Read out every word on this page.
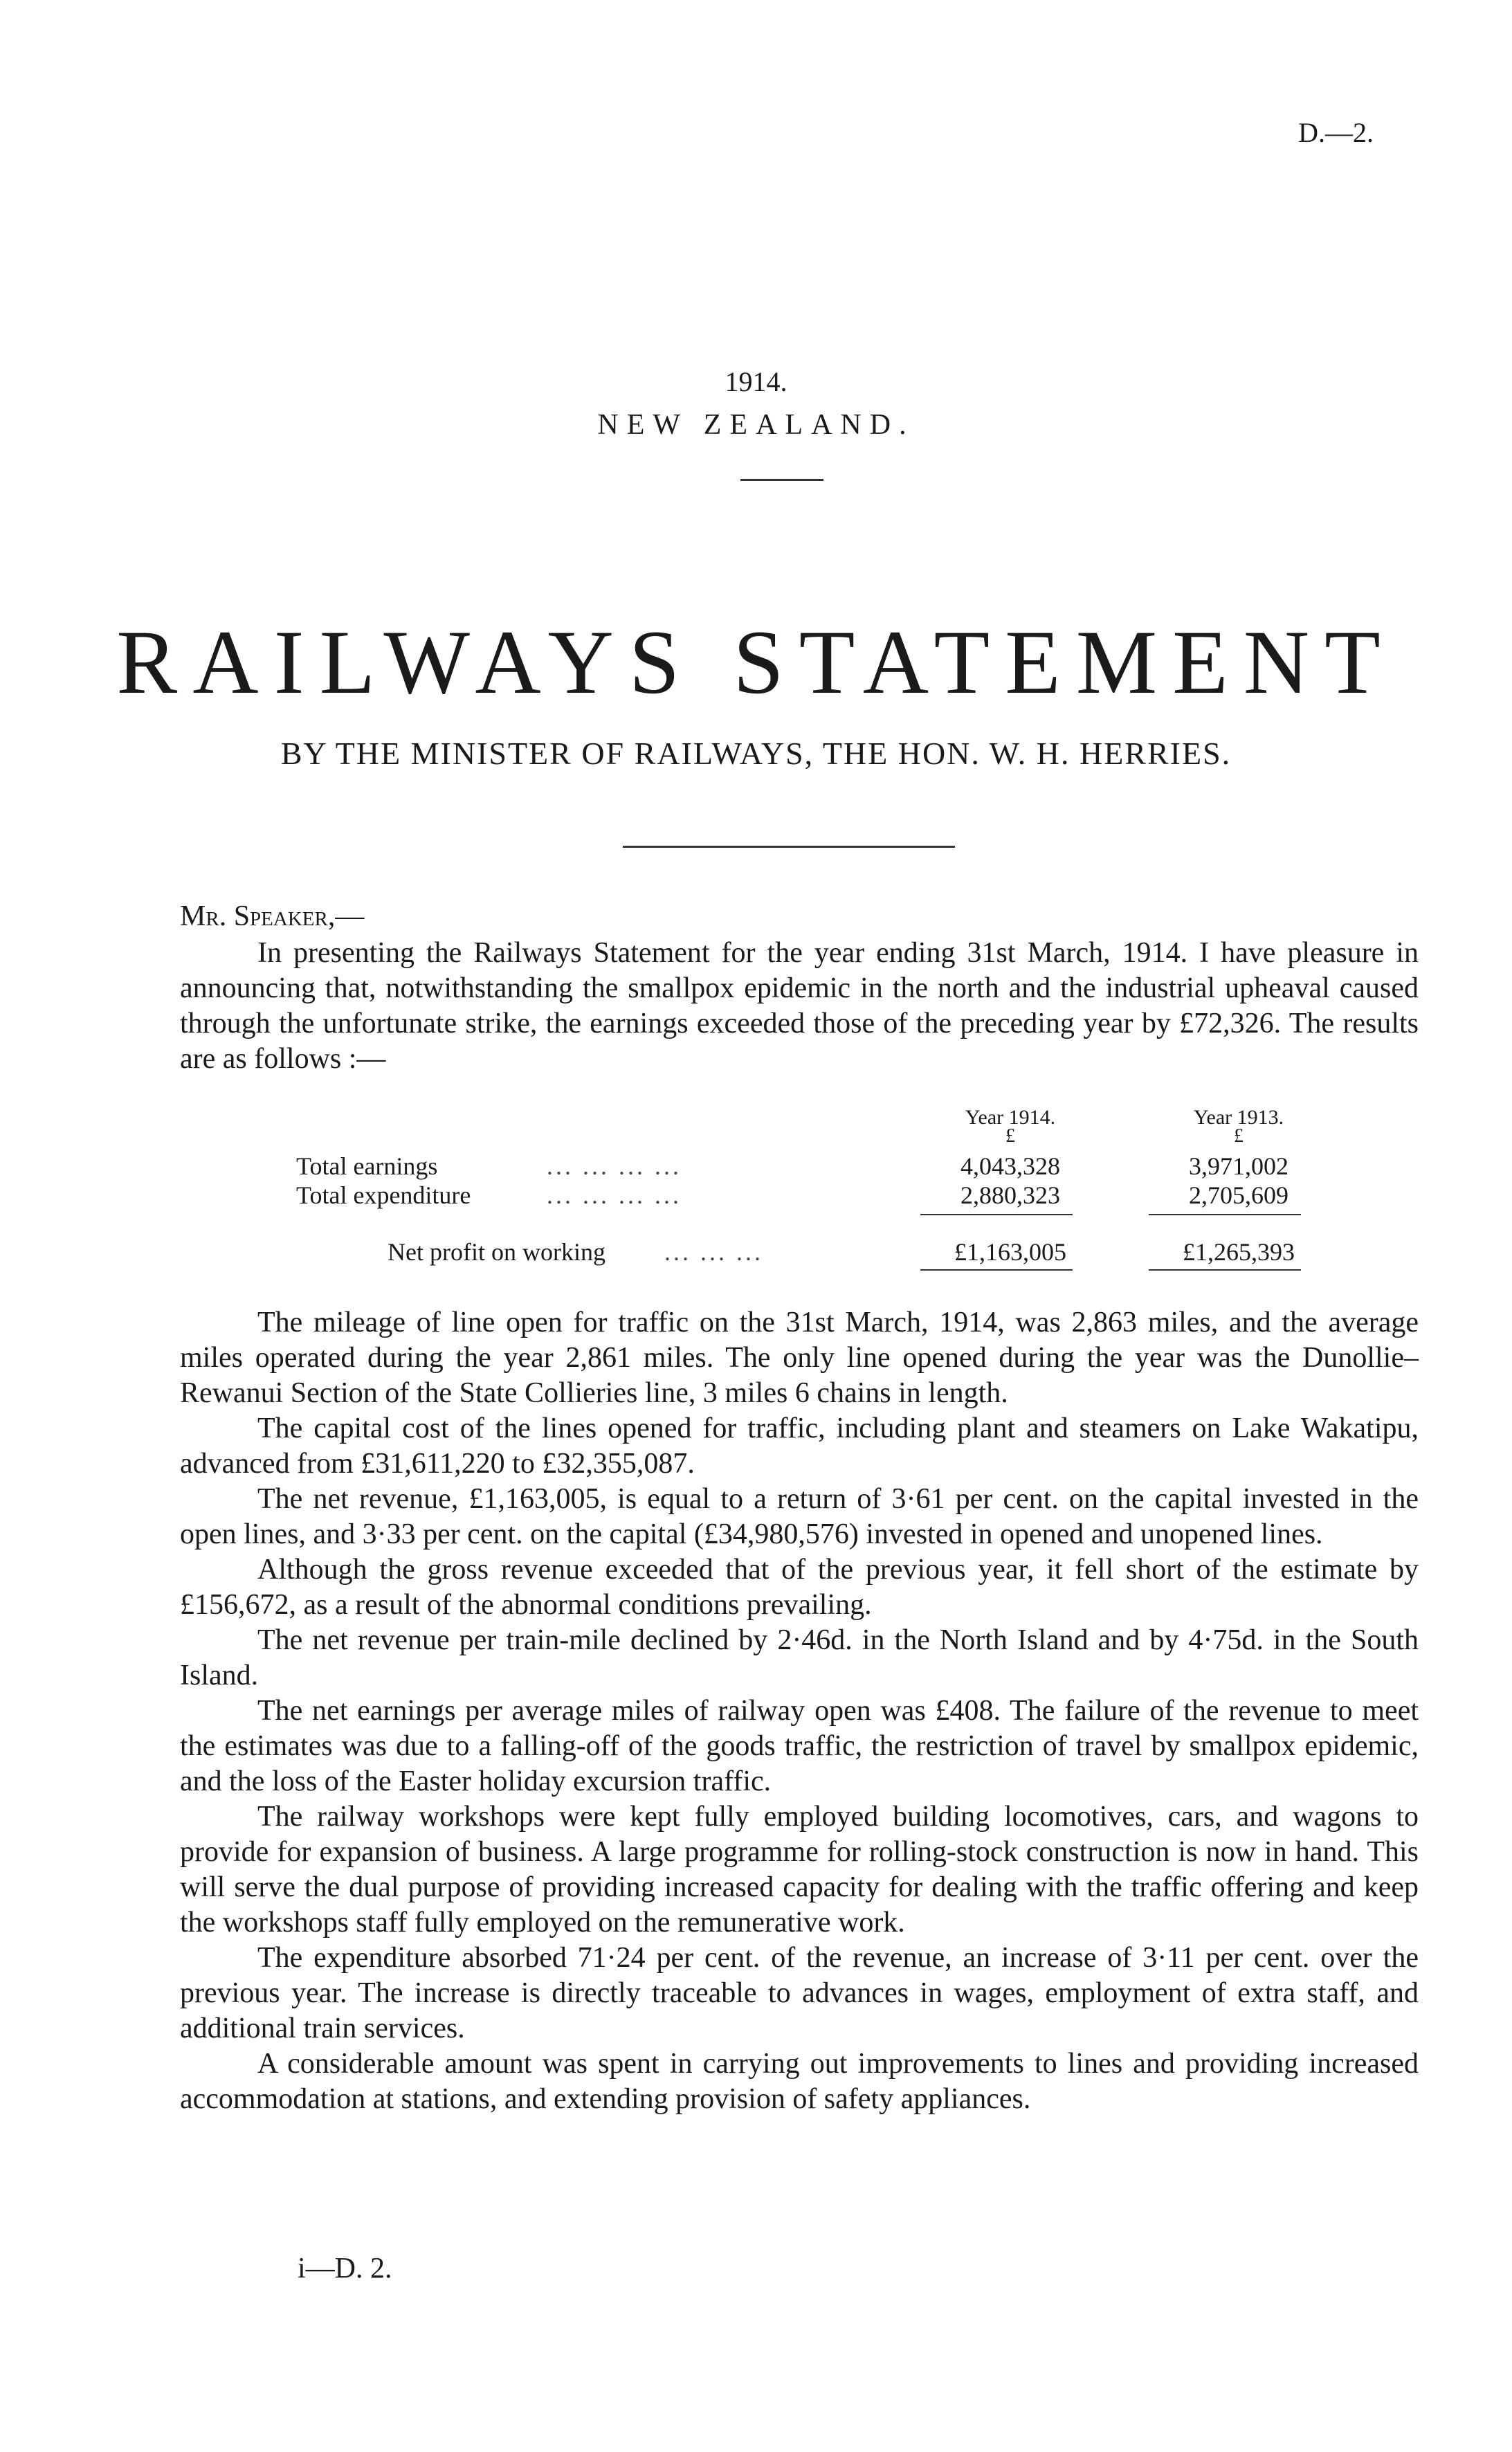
D.—2.
1914.
NEW ZEALAND.
RAILWAYS STATEMENT
BY THE MINISTER OF RAILWAYS, THE HON. W. H. HERRIES.
Mr. Speaker,—
In presenting the Railways Statement for the year ending 31st March, 1914. I have pleasure in announcing that, notwithstanding the smallpox epidemic in the north and the industrial upheaval caused through the unfortunate strike, the earnings exceeded those of the preceding year by £72,326. The results are as follows :—
Year 1914.	Year 1913.
£	£
Total earnings	... ... ... ...	4,043,328	3,971,002
Total expenditure	... ... ... ...	2,880,323	2,705,609
Net profit on working ... ... ...	£1,163,005	£1,265,393

The mileage of line open for traffic on the 31st March, 1914, was 2,863 miles, and the average miles operated during the year 2,861 miles. The only line opened during the year was the Dunollie–Rewanui Section of the State Collieries line, 3 miles 6 chains in length.

The capital cost of the lines opened for traffic, including plant and steamers on Lake Wakatipu, advanced from £31,611,220 to £32,355,087.

The net revenue, £1,163,005, is equal to a return of 3·61 per cent. on the capital invested in the open lines, and 3·33 per cent. on the capital (£34,980,576) invested in opened and unopened lines.

Although the gross revenue exceeded that of the previous year, it fell short of the estimate by £156,672, as a result of the abnormal conditions prevailing.

The net revenue per train-mile declined by 2·46d. in the North Island and by 4·75d. in the South Island.

The net earnings per average miles of railway open was £408. The failure of the revenue to meet the estimates was due to a falling-off of the goods traffic, the restriction of travel by smallpox epidemic, and the loss of the Easter holiday excursion traffic.

The railway workshops were kept fully employed building locomotives, cars, and wagons to provide for expansion of business. A large programme for rolling-stock construction is now in hand. This will serve the dual purpose of providing increased capacity for dealing with the traffic offering and keep the workshops staff fully employed on the remunerative work.

The expenditure absorbed 71·24 per cent. of the revenue, an increase of 3·11 per cent. over the previous year. The increase is directly traceable to advances in wages, employment of extra staff, and additional train services.

A considerable amount was spent in carrying out improvements to lines and providing increased accommodation at stations, and extending provision of safety appliances.

i—D. 2.
